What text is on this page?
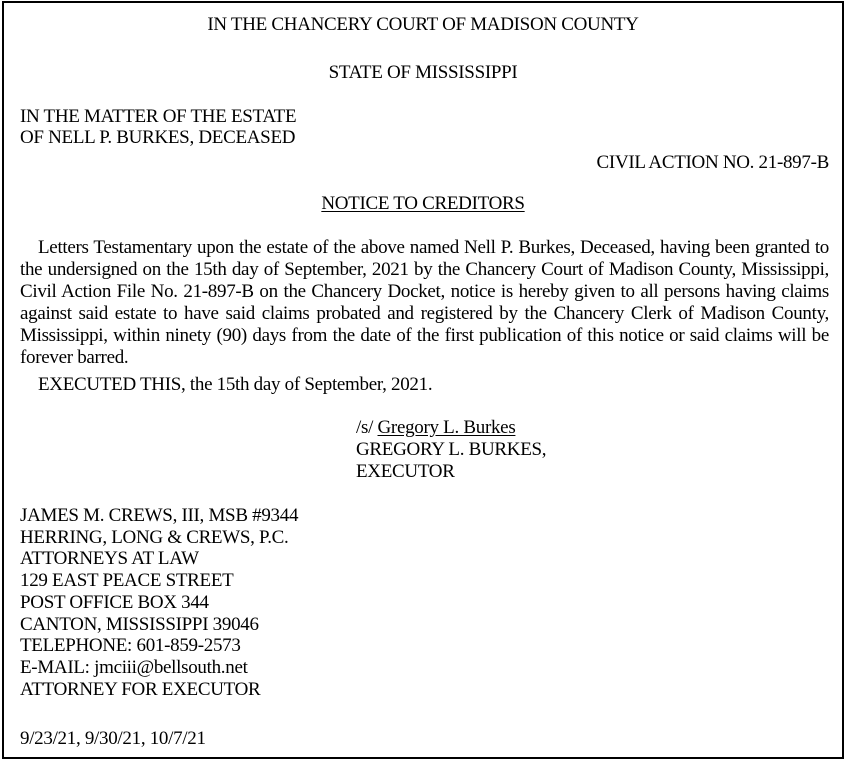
IN THE CHANCERY COURT OF MADISON COUNTY
STATE OF MISSISSIPPI
IN THE MATTER OF THE ESTATE
OF NELL P. BURKES, DECEASED
CIVIL ACTION NO. 21-897-B
NOTICE TO CREDITORS
Letters Testamentary upon the estate of the above named Nell P. Burkes, Deceased, having been granted to the undersigned on the 15th day of September, 2021 by the Chancery Court of Madison County, Mississippi, Civil Action File No. 21-897-B on the Chancery Docket, notice is hereby given to all persons having claims against said estate to have said claims probated and registered by the Chancery Clerk of Madison County, Mississippi, within ninety (90) days from the date of the first publication of this notice or said claims will be forever barred.
EXECUTED THIS, the 15th day of September, 2021.
/s/ Gregory L. Burkes
GREGORY L. BURKES,
EXECUTOR
JAMES M. CREWS, III, MSB #9344
HERRING, LONG & CREWS, P.C.
ATTORNEYS AT LAW
129 EAST PEACE STREET
POST OFFICE BOX 344
CANTON, MISSISSIPPI 39046
TELEPHONE: 601-859-2573
E-MAIL: jmciii@bellsouth.net
ATTORNEY FOR EXECUTOR
9/23/21, 9/30/21, 10/7/21
